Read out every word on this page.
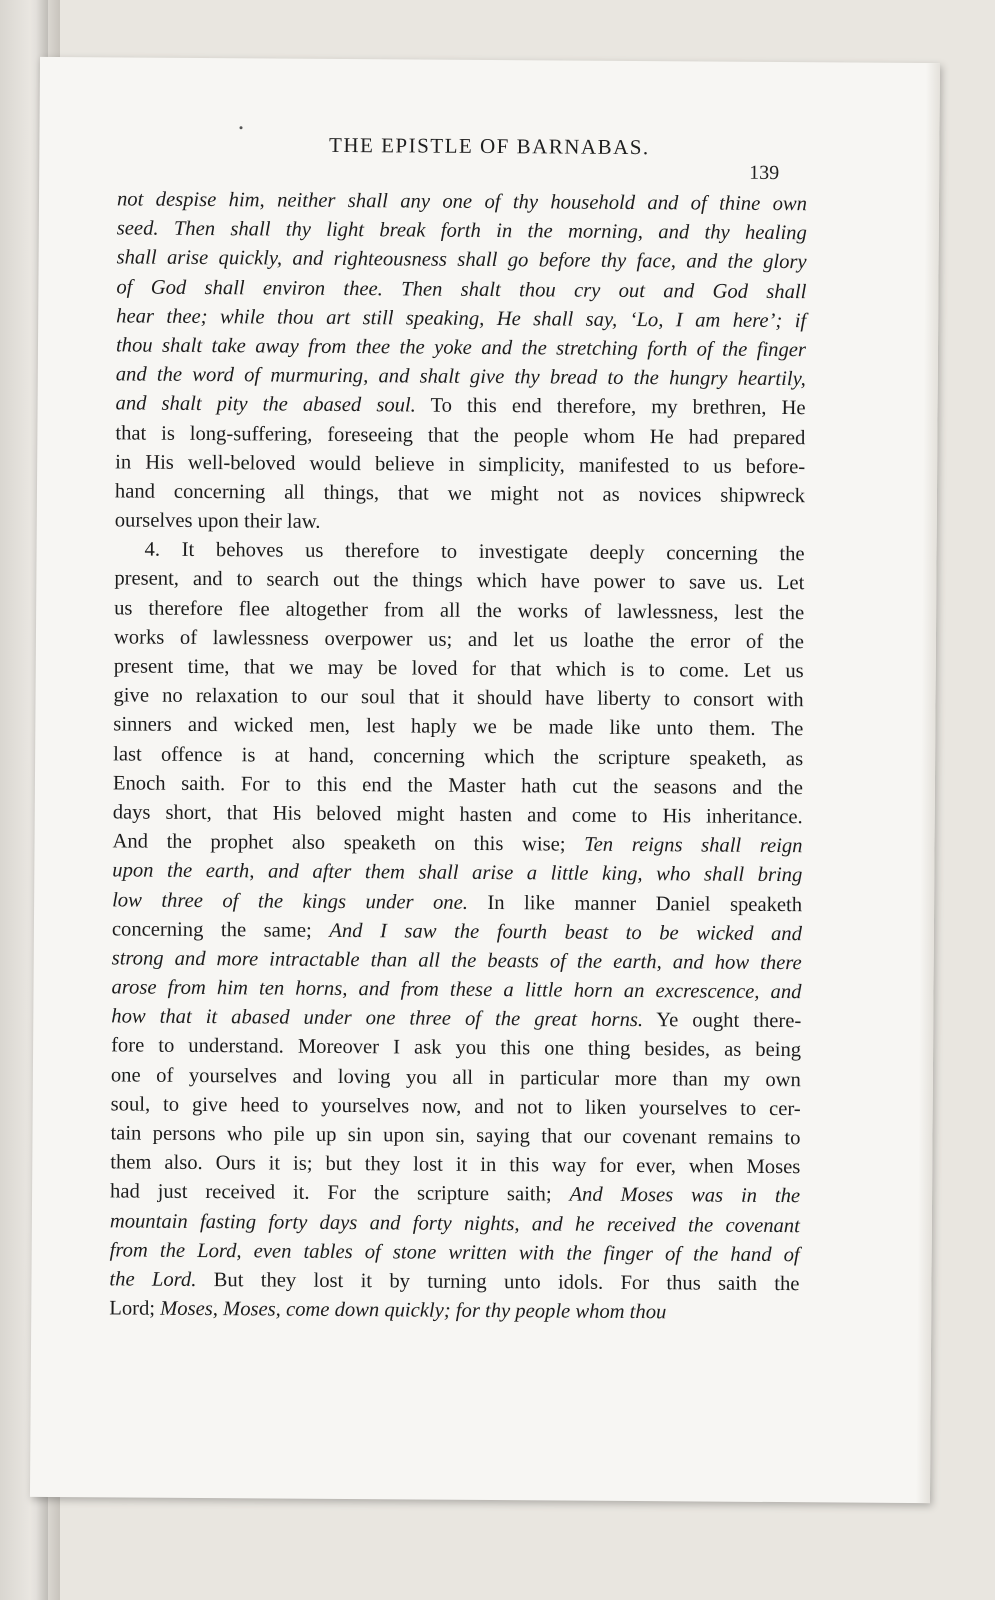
THE EPISTLE OF BARNABAS.
139
not despise him, neither shall any one of thy household and of thine own
seed. Then shall thy light break forth in the morning, and thy healing
shall arise quickly, and righteousness shall go before thy face, and the glory
of God shall environ thee. Then shalt thou cry out and God shall
hear thee; while thou art still speaking, He shall say, ‘Lo, I am here’; if
thou shalt take away from thee the yoke and the stretching forth of the finger
and the word of murmuring, and shalt give thy bread to the hungry heartily,
and shalt pity the abased soul. To this end therefore, my brethren, He
that is long-suffering, foreseeing that the people whom He had prepared
in His well-beloved would believe in simplicity, manifested to us before-
hand concerning all things, that we might not as novices shipwreck
ourselves upon their law.
4. It behoves us therefore to investigate deeply concerning the
present, and to search out the things which have power to save us. Let
us therefore flee altogether from all the works of lawlessness, lest the
works of lawlessness overpower us; and let us loathe the error of the
present time, that we may be loved for that which is to come. Let us
give no relaxation to our soul that it should have liberty to consort with
sinners and wicked men, lest haply we be made like unto them. The
last offence is at hand, concerning which the scripture speaketh, as
Enoch saith. For to this end the Master hath cut the seasons and the
days short, that His beloved might hasten and come to His inheritance.
And the prophet also speaketh on this wise; Ten reigns shall reign
upon the earth, and after them shall arise a little king, who shall bring
low three of the kings under one. In like manner Daniel speaketh
concerning the same; And I saw the fourth beast to be wicked and
strong and more intractable than all the beasts of the earth, and how there
arose from him ten horns, and from these a little horn an excrescence, and
how that it abased under one three of the great horns. Ye ought there-
fore to understand. Moreover I ask you this one thing besides, as being
one of yourselves and loving you all in particular more than my own
soul, to give heed to yourselves now, and not to liken yourselves to cer-
tain persons who pile up sin upon sin, saying that our covenant remains to
them also. Ours it is; but they lost it in this way for ever, when Moses
had just received it. For the scripture saith; And Moses was in the
mountain fasting forty days and forty nights, and he received the covenant
from the Lord, even tables of stone written with the finger of the hand of
the Lord. But they lost it by turning unto idols. For thus saith the
Lord; Moses, Moses, come down quickly; for thy people whom thou
